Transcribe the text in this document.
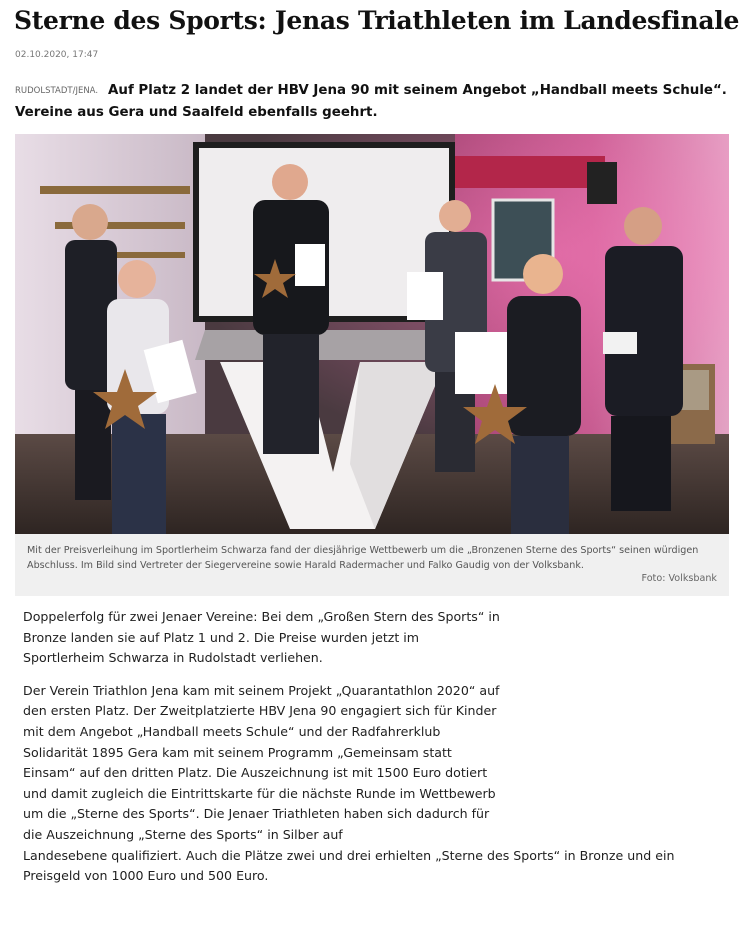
Sterne des Sports: Jenas Triathleten im Landesfinale
02.10.2020, 17:47
RUDOLSTADT/JENA. Auf Platz 2 landet der HBV Jena 90 mit seinem Angebot „Handball meets Schule“. Vereine aus Gera und Saalfeld ebenfalls geehrt.
Mit der Preisverleihung im Sportlerheim Schwarza fand der diesjährige Wettbewerb um die „Bronzenen Sterne des Sports“ seinen würdigen Abschluss. Im Bild sind Vertreter der Siegervereine sowie Harald Radermacher und Falko Gaudig von der Volksbank.
Foto: Volksbank

Doppelerfolg für zwei Jenaer Vereine: Bei dem „Großen Stern des Sports“ in Bronze landen sie auf Platz 1 und 2. Die Preise wurden jetzt im Sportlerheim Schwarza in Rudolstadt verliehen.

Der Verein Triathlon Jena kam mit seinem Projekt „Quarantathlon 2020“ auf den ersten Platz. Der Zweitplatzierte HBV Jena 90 engagiert sich für Kinder mit dem Angebot „Handball meets Schule“ und der Radfahrerklub Solidarität 1895 Gera kam mit seinem Programm „Gemeinsam statt Einsam“ auf den dritten Platz. Die Auszeichnung ist mit 1500 Euro dotiert und damit zugleich die Eintrittskarte für die nächste Runde im Wettbewerb um die „Sterne des Sports“. Die Jenaer Triathleten haben sich dadurch für die Auszeichnung „Sterne des Sports“ in Silber auf
Landesebene qualifiziert. Auch die Plätze zwei und drei erhielten „Sterne des Sports“ in Bronze und ein Preisgeld von 1000 Euro und 500 Euro.
